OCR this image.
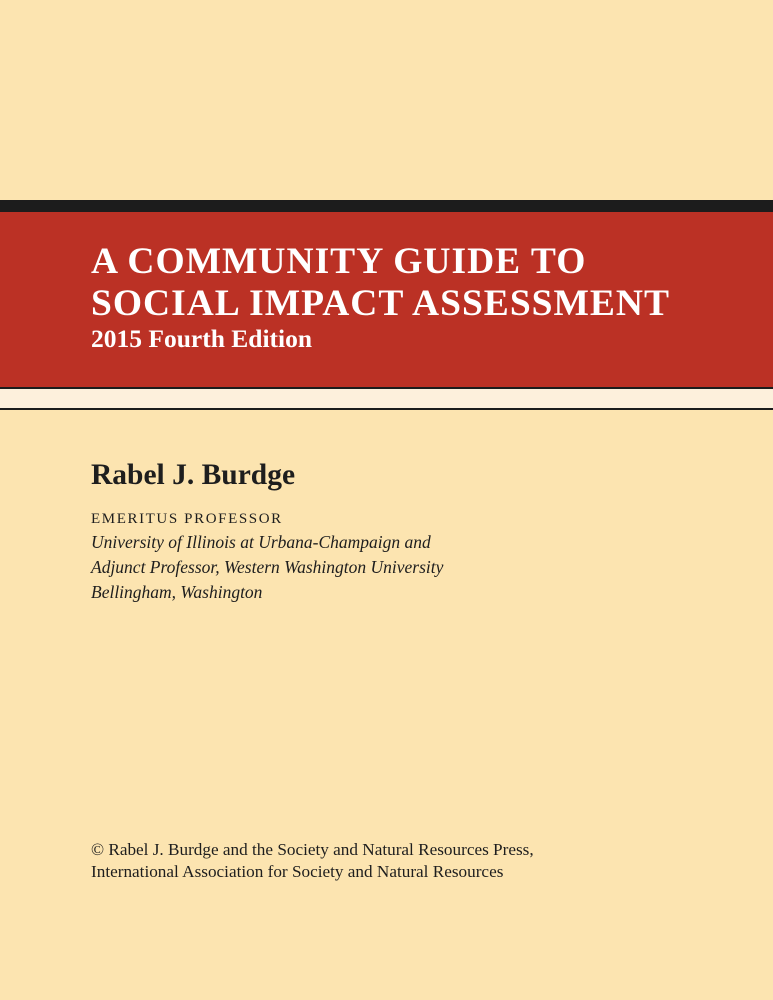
A COMMUNITY GUIDE TO
SOCIAL IMPACT ASSESSMENT

2015 Fourth Edition

Rabel J. Burdge

EMERITUS PROFESSOR

University of Illinois at Urbana-Champaign and

Adjunct Professor, Western Washington University

Bellingham, Washington

© Rabel J. Burdge and the Society and Natural Resources Press,

International Association for Society and Natural Resources
